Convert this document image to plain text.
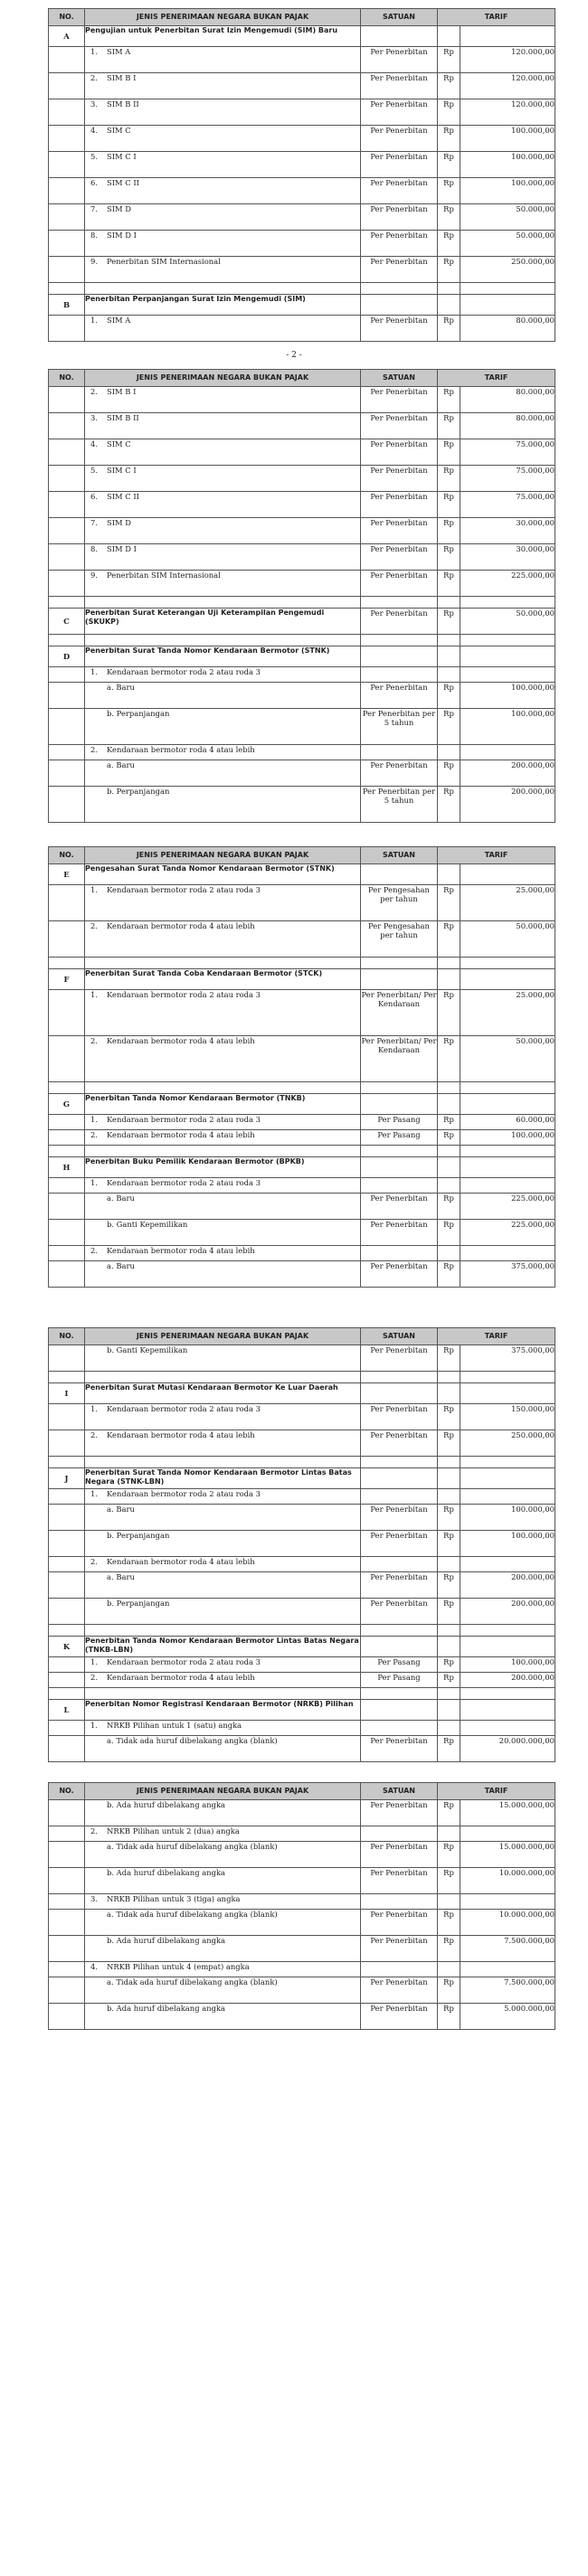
NO.	JENIS PENERIMAAN NEGARA BUKAN PAJAK	SATUAN	TARIF	
A	Pengujian untuk Penerbitan Surat Izin Mengemudi (SIM) Baru			
	1. SIM A	Per Penerbitan	Rp	120.000,00
	2. SIM B I	Per Penerbitan	Rp	120.000,00
	3. SIM B II	Per Penerbitan	Rp	120.000,00
	4. SIM C	Per Penerbitan	Rp	100.000,00
	5. SIM C I	Per Penerbitan	Rp	100.000,00
	6. SIM C II	Per Penerbitan	Rp	100.000,00
	7. SIM D	Per Penerbitan	Rp	50.000,00
	8. SIM D I	Per Penerbitan	Rp	50.000,00
	9. Penerbitan SIM Internasional	Per Penerbitan	Rp	250.000,00

B	Penerbitan Perpanjangan Surat Izin Mengemudi (SIM)			
	1. SIM A	Per Penerbitan	Rp	80.000,00
- 2 -
NO.	JENIS PENERIMAAN NEGARA BUKAN PAJAK	SATUAN	TARIF	
	2. SIM B I	Per Penerbitan	Rp	80.000,00
	3. SIM B II	Per Penerbitan	Rp	80.000,00
	4. SIM C	Per Penerbitan	Rp	75.000,00
	5. SIM C I	Per Penerbitan	Rp	75.000,00
	6. SIM C II	Per Penerbitan	Rp	75.000,00
	7. SIM D	Per Penerbitan	Rp	30.000,00
	8. SIM D I	Per Penerbitan	Rp	30.000,00
	9. Penerbitan SIM Internasional	Per Penerbitan	Rp	225.000,00

C	Penerbitan Surat Keterangan Uji Keterampilan Pengemudi (SKUKP)	Per Penerbitan	Rp	50.000,00

D	Penerbitan Surat Tanda Nomor Kendaraan Bermotor (STNK)			
	1. Kendaraan bermotor roda 2 atau roda 3			
	a. Baru	Per Penerbitan	Rp	100.000,00
	b. Perpanjangan	Per Penerbitan per 5 tahun	Rp	100.000,00
	2. Kendaraan bermotor roda 4 atau lebih			
	a. Baru	Per Penerbitan	Rp	200.000,00
	b. Perpanjangan	Per Penerbitan per 5 tahun	Rp	200.000,00
NO.	JENIS PENERIMAAN NEGARA BUKAN PAJAK	SATUAN	TARIF	
E	Pengesahan Surat Tanda Nomor Kendaraan Bermotor (STNK)			
	1. Kendaraan bermotor roda 2 atau roda 3	Per Pengesahan per tahun	Rp	25.000,00
	2. Kendaraan bermotor roda 4 atau lebih	Per Pengesahan per tahun	Rp	50.000,00

F	Penerbitan Surat Tanda Coba Kendaraan Bermotor (STCK)			
	1. Kendaraan bermotor roda 2 atau roda 3	Per Penerbitan/ Per Kendaraan	Rp	25.000,00
	2. Kendaraan bermotor roda 4 atau lebih	Per Penerbitan/ Per Kendaraan	Rp	50.000,00

G	Penerbitan Tanda Nomor Kendaraan Bermotor (TNKB)			
	1. Kendaraan bermotor roda 2 atau roda 3	Per Pasang	Rp	60.000,00
	2. Kendaraan bermotor roda 4 atau lebih	Per Pasang	Rp	100.000,00

H	Penerbitan Buku Pemilik Kendaraan Bermotor (BPKB)			
	1. Kendaraan bermotor roda 2 atau roda 3			
	a. Baru	Per Penerbitan	Rp	225.000,00
	b. Ganti Kepemilikan	Per Penerbitan	Rp	225.000,00
	2. Kendaraan bermotor roda 4 atau lebih			
	a. Baru	Per Penerbitan	Rp	375.000,00
NO.	JENIS PENERIMAAN NEGARA BUKAN PAJAK	SATUAN	TARIF	
	b. Ganti Kepemilikan	Per Penerbitan	Rp	375.000,00

I	Penerbitan Surat Mutasi Kendaraan Bermotor Ke Luar Daerah			
	1. Kendaraan bermotor roda 2 atau roda 3	Per Penerbitan	Rp	150.000,00
	2. Kendaraan bermotor roda 4 atau lebih	Per Penerbitan	Rp	250.000,00

J	Penerbitan Surat Tanda Nomor Kendaraan Bermotor Lintas Batas Negara (STNK-LBN)			
	1. Kendaraan bermotor roda 2 atau roda 3			
	a. Baru	Per Penerbitan	Rp	100.000,00
	b. Perpanjangan	Per Penerbitan	Rp	100.000,00
	2. Kendaraan bermotor roda 4 atau lebih			
	a. Baru	Per Penerbitan	Rp	200.000,00
	b. Perpanjangan	Per Penerbitan	Rp	200.000,00

K	Penerbitan Tanda Nomor Kendaraan Bermotor Lintas Batas Negara (TNKB-LBN)			
	1. Kendaraan bermotor roda 2 atau roda 3	Per Pasang	Rp	100.000,00
	2. Kendaraan bermotor roda 4 atau lebih	Per Pasang	Rp	200.000,00

L	Penerbitan Nomor Registrasi Kendaraan Bermotor (NRKB) Pilihan			
	1. NRKB Pilihan untuk 1 (satu) angka			
	a. Tidak ada huruf dibelakang angka (blank)	Per Penerbitan	Rp	20.000.000,00
NO.	JENIS PENERIMAAN NEGARA BUKAN PAJAK	SATUAN	TARIF	
	b. Ada huruf dibelakang angka	Per Penerbitan	Rp	15.000.000,00
	2. NRKB Pilihan untuk 2 (dua) angka			
	a. Tidak ada huruf dibelakang angka (blank)	Per Penerbitan	Rp	15.000.000,00
	b. Ada huruf dibelakang angka	Per Penerbitan	Rp	10.000.000,00
	3. NRKB Pilihan untuk 3 (tiga) angka			
	a. Tidak ada huruf dibelakang angka (blank)	Per Penerbitan	Rp	10.000.000,00
	b. Ada huruf dibelakang angka	Per Penerbitan	Rp	7.500.000,00
	4. NRKB Pilihan untuk 4 (empat) angka			
	a. Tidak ada huruf dibelakang angka (blank)	Per Penerbitan	Rp	7.500.000,00
	b. Ada huruf dibelakang angka	Per Penerbitan	Rp	5.000.000,00
